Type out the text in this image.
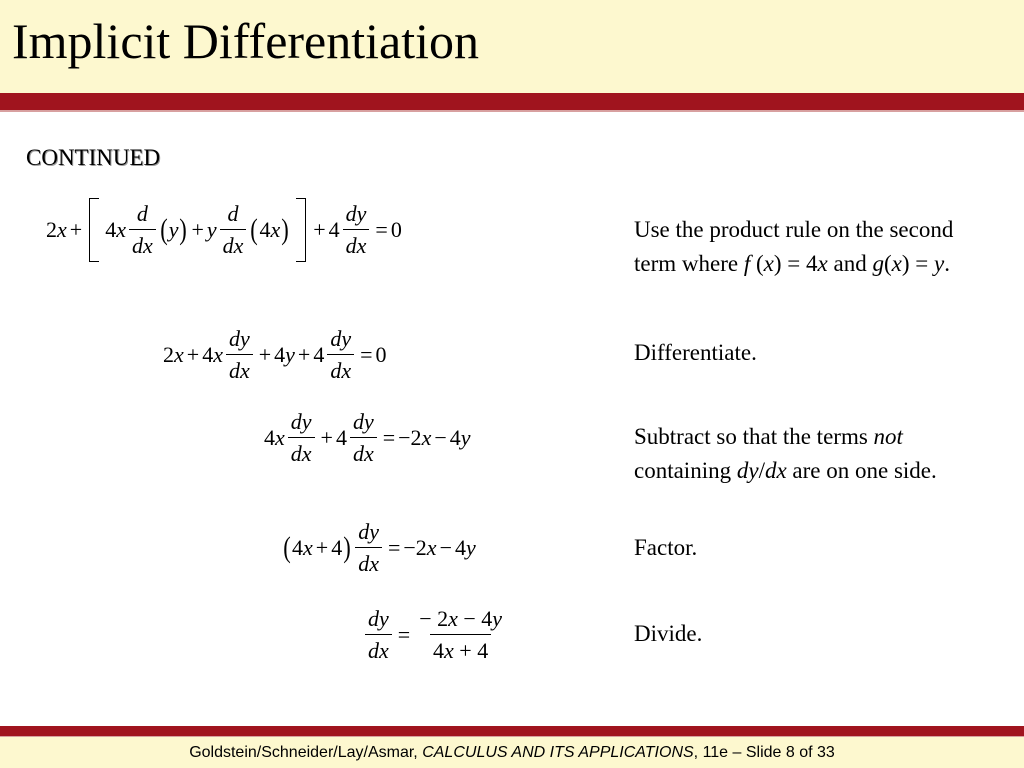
Implicit Differentiation
CONTINUED
2 x + 4 x $\frac{d}{dx}$ ( y ) + y $\frac{d}{dx}$ ( 4 x ) + $4 \frac{dy}{dx} = 0$
2 x + 4 x $\frac{dy}{dx} + 4$ $y + 4 \frac{dy}{dx} = 0$
4 x $\frac{dy}{dx} + 4 \frac{dy}{dx} = -2$ x − 4 y
( 4 x + 4 ) $\frac{dy}{dx} = -2$ x − 4 y
$\frac{dy}{dx} = \frac{- 2x - 4y}{4x + 4}$
Use the product rule on the second term where f (x) = 4x and g(x) = y.
Differentiate.
Subtract so that the terms not containing dy/dx are on one side.
Factor.
Divide.
Goldstein/Schneider/Lay/Asmar,
CALCULUS AND ITS APPLICATIONS , 11e – Slide 8 of 33
